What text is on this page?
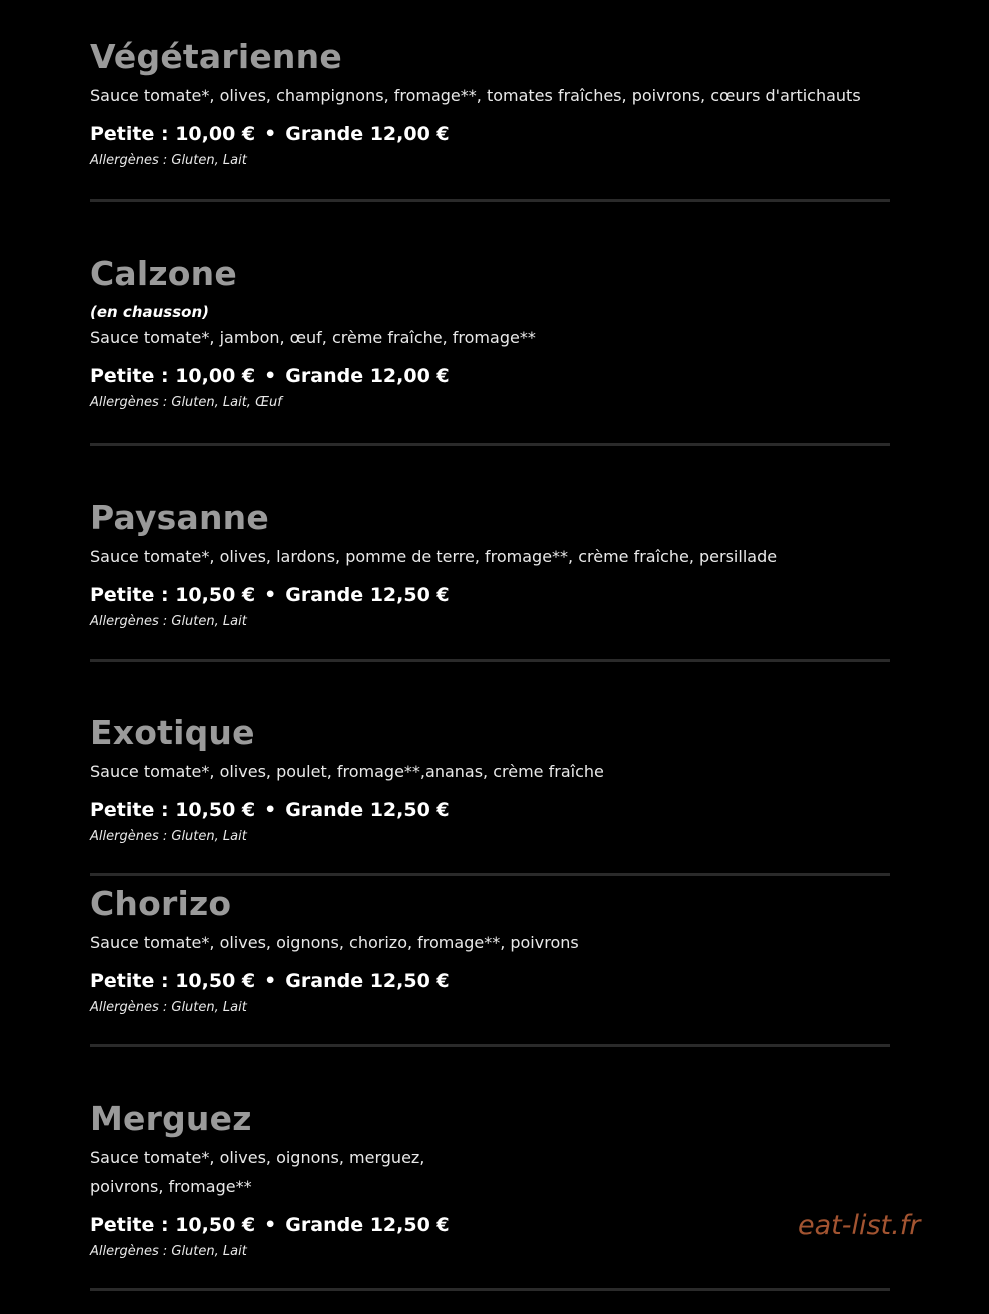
Végétarienne
Sauce tomate*, olives, champignons, fromage**, tomates fraîches, poivrons, cœurs d'artichauts
Petite : 10,00 € • Grande 12,00 €
Allergènes : Gluten, Lait
Calzone
(en chausson)
Sauce tomate*, jambon, œuf, crème fraîche, fromage**
Petite : 10,00 € • Grande 12,00 €
Allergènes : Gluten, Lait, Œuf
Paysanne
Sauce tomate*, olives, lardons, pomme de terre, fromage**, crème fraîche, persillade
Petite : 10,50 € • Grande 12,50 €
Allergènes : Gluten, Lait
Exotique
Sauce tomate*, olives, poulet, fromage**,ananas, crème fraîche
Petite : 10,50 € • Grande 12,50 €
Allergènes : Gluten, Lait
Chorizo
Sauce tomate*, olives, oignons, chorizo, fromage**, poivrons
Petite : 10,50 € • Grande 12,50 €
Allergènes : Gluten, Lait
Merguez
Sauce tomate*, olives, oignons, merguez, poivrons, fromage**
Petite : 10,50 € • Grande 12,50 €
Allergènes : Gluten, Lait
eat-list.fr
